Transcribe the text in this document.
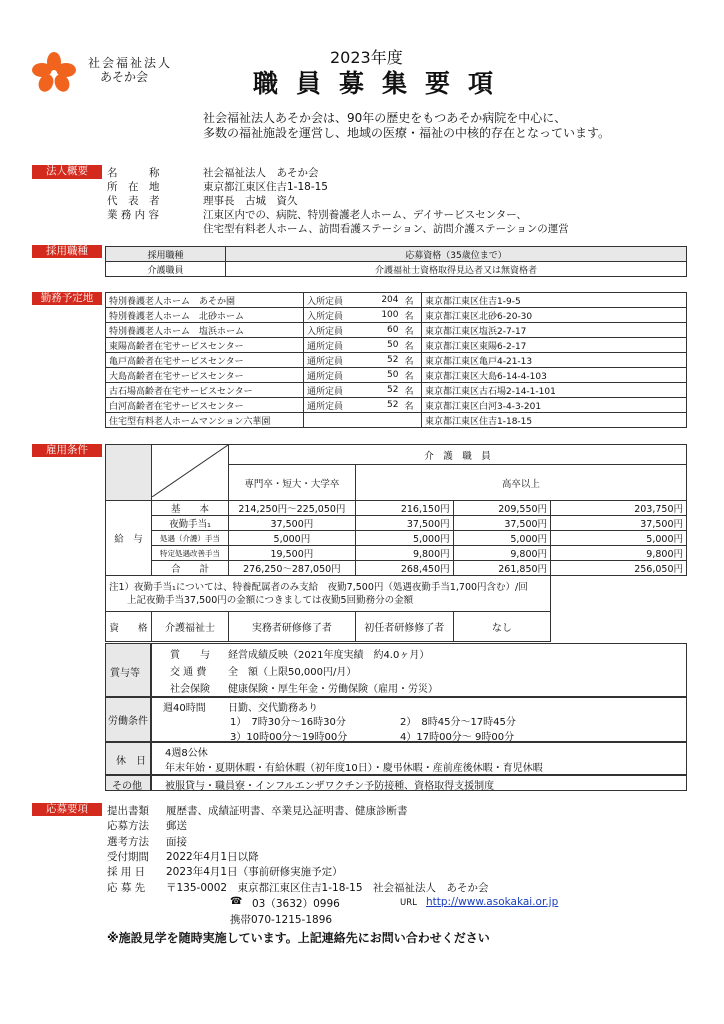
社会福祉法人
あそか会
2023年度
職員募集要項
社会福祉法人あそか会は、90年の歴史をもつあそか病院を中心に、
多数の福祉施設を運営し、地域の医療・福祉の中核的存在となっています。
法人概要	名　　　称	社会福祉法人　あそか会
所　在　地	東京都江東区住吉1-18-15
代　表　者	理事長　古城　資久
業 務 内 容	江東区内での、病院、特別養護老人ホーム、デイサービスセンター、
住宅型有料老人ホーム、訪問看護ステーション、訪問介護ステーションの運営
採用職種	採用職種	応募資格（35歳位まで）
介護職員	介護福祉士資格取得見込者又は無資格者
勤務予定地	特別養護老人ホーム　あそか園	入所定員	204	名	東京都江東区住吉1-9-5
特別養護老人ホーム　北砂ホーム	入所定員	100	名	東京都江東区北砂6-20-30
特別養護老人ホーム　塩浜ホーム	入所定員	60	名	東京都江東区塩浜2-7-17
東陽高齢者在宅サービスセンター	通所定員	50	名	東京都江東区東陽6-2-17
亀戸高齢者在宅サービスセンター	通所定員	52	名	東京都江東区亀戸4-21-13
大島高齢者在宅サービスセンター	通所定員	50	名	東京都江東区大島6-14-4-103
古石場高齢者在宅サービスセンター	通所定員	52	名	東京都江東区古石場2-14-1-101
白河高齢者在宅サービスセンター	通所定員	52	名	東京都江東区白河3-4-3-201
住宅型有料老人ホームマンション六華園				東京都江東区住吉1-18-15
雇用条件
		介　護　職　員			
		専門卒・短大・大学卒	高卒以上		
給　与	基　　本	214,250円～225,050円	216,150円	209,550円	203,750円
	夜勤手当₁	37,500円	37,500円	37,500円	37,500円
	処遇（介護）手当	5,000円	5,000円	5,000円	5,000円
	特定処遇改善手当	19,500円	9,800円	9,800円	9,800円
	合　　計	276,250～287,050円	268,450円	261,850円	256,050円

注1）夜勤手当₁については、特養配属者のみ支給　夜勤7,500円（処遇夜勤手当1,700円含む）/回
上記夜勤手当37,500円の金額につきましては夜勤5回勤務分の金額					

資　　格	介護福祉士	実務者研修修了者	初任者研修修了者	なし	
賞与等
賞　　与 経営成績反映（2021年度実績　約4.0ヶ月）
交 通 費 全　額（上限50,000円/月）
社会保険 健康保険・厚生年金・労働保険（雇用・労災）
労働条件
週40時間 日勤、交代勤務あり
1）　7時30分～16時30分	2）　8時45分～17時45分
3）10時00分～19時00分	4）17時00分～ 9時00分
休　日
4週8公休
年末年始・夏期休暇・有給休暇（初年度10日）・慶弔休暇・産前産後休暇・育児休暇
その他 被服貸与・職員寮・インフルエンザワクチン予防接種、資格取得支援制度
応募要項	提出書類 履歴書、成績証明書、卒業見込証明書、健康診断書
応募方法 郵送
選考方法 面接
受付期間 2022年4月1日以降
採 用 日 2023年4月1日（事前研修実施予定）
応 募 先 〒135-0002　東京都江東区住吉1-18-15　社会福祉法人　あそか会
☎ 03（3632）0996	URL http://www.asokakai.or.jp
携帯070-1215-1896
※施設見学を随時実施しています。上記連絡先にお問い合わせください
